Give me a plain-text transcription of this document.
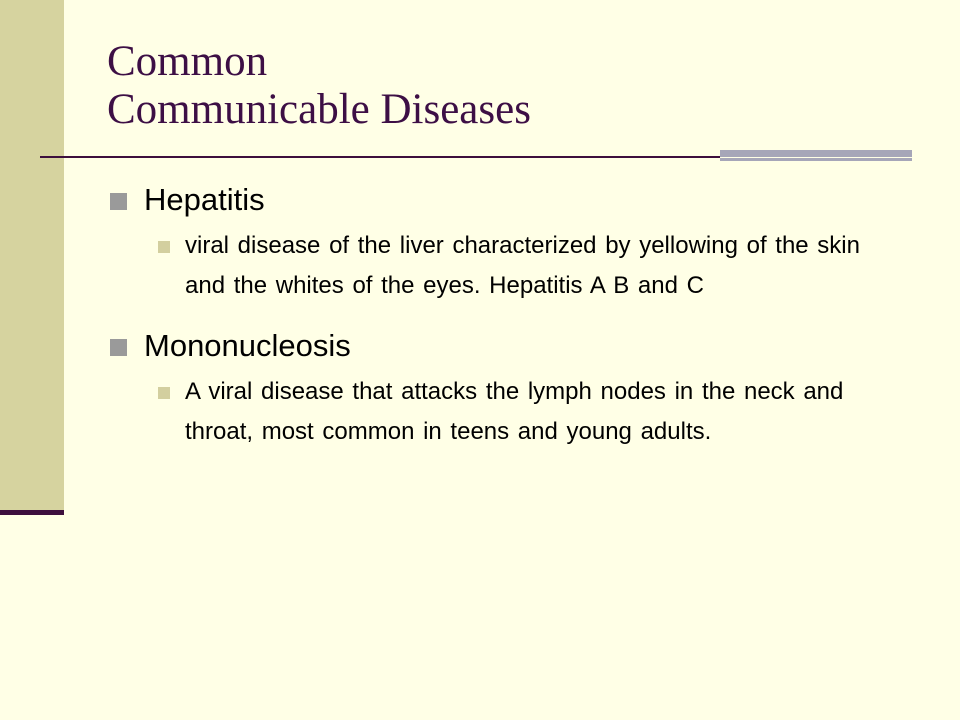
Common
Communicable Diseases
Hepatitis
viral disease of the liver characterized by yellowing of the skin and the whites of the eyes. Hepatitis A B and C
Mononucleosis
A viral disease that attacks the lymph nodes in the neck and throat, most common in teens and young adults.
